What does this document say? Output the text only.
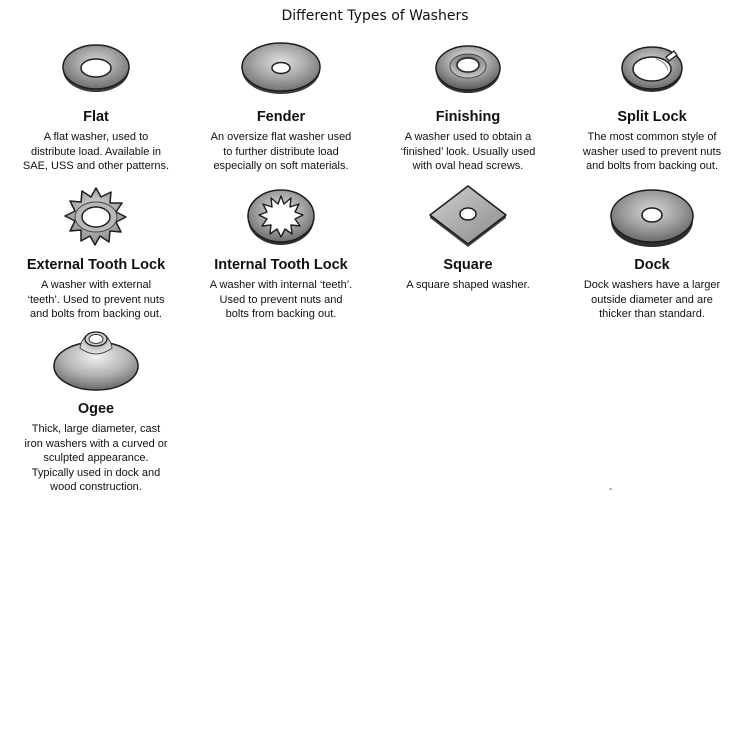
Different Types of Washers
Flat
A flat washer, used to
distribute load. Available in
SAE, USS and other patterns.
Fender
An oversize flat washer used
to further distribute load
especially on soft materials.
Finishing
A washer used to obtain a
‘finished’ look. Usually used
with oval head screws.
Split Lock
The most common style of
washer used to prevent nuts
and bolts from backing out.
External Tooth Lock
A washer with external
‘teeth’. Used to prevent nuts
and bolts from backing out.
Internal Tooth Lock
A washer with internal ‘teeth’.
Used to prevent nuts and
bolts from backing out.
Square
A square shaped washer.
Dock
Dock washers have a larger
outside diameter and are
thicker than standard.
Ogee
Thick, large diameter, cast
iron washers with a curved or
sculpted appearance.
Typically used in dock and
wood construction.
